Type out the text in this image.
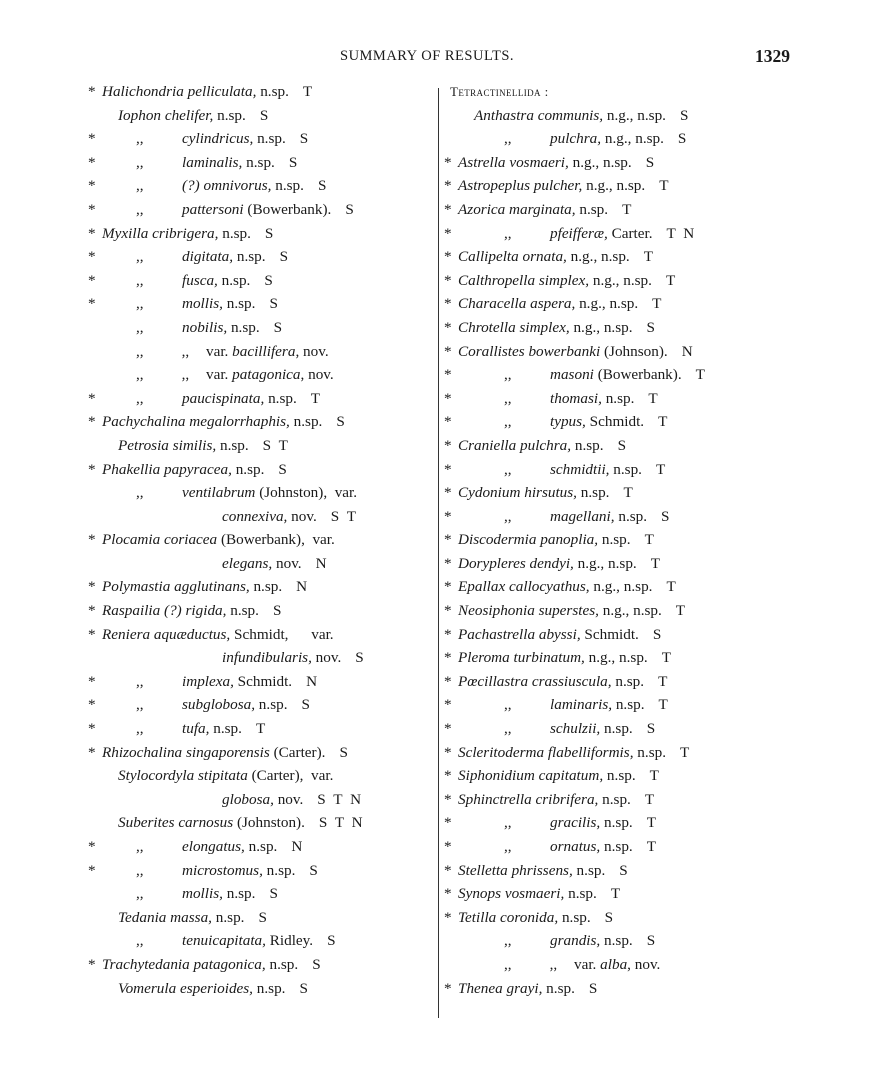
SUMMARY OF RESULTS.	1329
* Halichondria pelliculata, n.sp. T
Iophon chelifer, n.sp. S
*	,,	cylindricus, n.sp. S
*	,,	laminalis, n.sp. S
*	,,	(?) omnivorus, n.sp. S
*	,,	pattersoni (Bowerbank). S
* Myxilla cribrigera, n.sp. S
*	,,	digitata, n.sp. S
*	,,	fusca, n.sp. S
*	,,	mollis, n.sp. S
,,	nobilis, n.sp. S
,,          ,, var. bacillifera, nov.
,,          ,, var. patagonica, nov.
*	,,	paucispinata, n.sp. T
* Pachychalina megalorrhaphis, n.sp. S
Petrosia similis, n.sp. S T
* Phakellia papyracea, n.sp. S
,,	ventilabrum (Johnston),  var.
connexiva, nov. S T
* Plocamia coriacea (Bowerbank),  var.
elegans, nov. N
* Polymastia agglutinans, n.sp. N
* Raspailia (?) rigida, n.sp. S
* Reniera aquæductus, Schmidt,      var.
infundibularis, nov. S
*	,,	implexa, Schmidt. N
*	,,	subglobosa, n.sp. S
*	,,	tufa, n.sp. T
* Rhizochalina singaporensis (Carter). S
Stylocordyla stipitata (Carter),  var.
globosa, nov. S T N
Suberites carnosus (Johnston). S T N
*	,,	elongatus, n.sp. N
*	,,	microstomus, n.sp. S
,,	mollis, n.sp. S
Tedania massa, n.sp. S
,,	tenuicapitata, Ridley. S
* Trachytedania patagonica, n.sp. S
Vomerula esperioides, n.sp. S
Tetractinellida :
Anthastra communis, n.g., n.sp. S
,,	pulchra, n.g., n.sp. S
* Astrella vosmaeri, n.g., n.sp. S
* Astropeplus pulcher, n.g., n.sp. T
* Azorica marginata, n.sp. T
*	,,	pfeifferæ, Carter. T N
* Callipelta ornata, n.g., n.sp. T
* Calthropella simplex, n.g., n.sp. T
* Characella aspera, n.g., n.sp. T
* Chrotella simplex, n.g., n.sp. S
* Corallistes bowerbanki (Johnson). N
*	,,	masoni (Bowerbank). T
*	,,	thomasi, n.sp. T
*	,,	typus, Schmidt. T
* Craniella pulchra, n.sp. S
*	,,	schmidtii, n.sp. T
* Cydonium hirsutus, n.sp. T
*	,,	magellani, n.sp. S
* Discodermia panoplia, n.sp. T
* Dorypleres dendyi, n.g., n.sp. T
* Epallax callocyathus, n.g., n.sp. T
* Neosiphonia superstes, n.g., n.sp. T
* Pachastrella abyssi, Schmidt. S
* Pleroma turbinatum, n.g., n.sp. T
* Pœcillastra crassiuscula, n.sp. T
*	,,	laminaris, n.sp. T
*	,,	schulzii, n.sp. S
* Scleritoderma flabelliformis, n.sp. T
* Siphonidium capitatum, n.sp. T
* Sphinctrella cribrifera, n.sp. T
*	,,	gracilis, n.sp. T
*	,,	ornatus, n.sp. T
* Stelletta phrissens, n.sp. S
* Synops vosmaeri, n.sp. T
* Tetilla coronida, n.sp. S
,,	grandis, n.sp. S
,,          ,, var. alba, nov.
* Thenea grayi, n.sp. S
